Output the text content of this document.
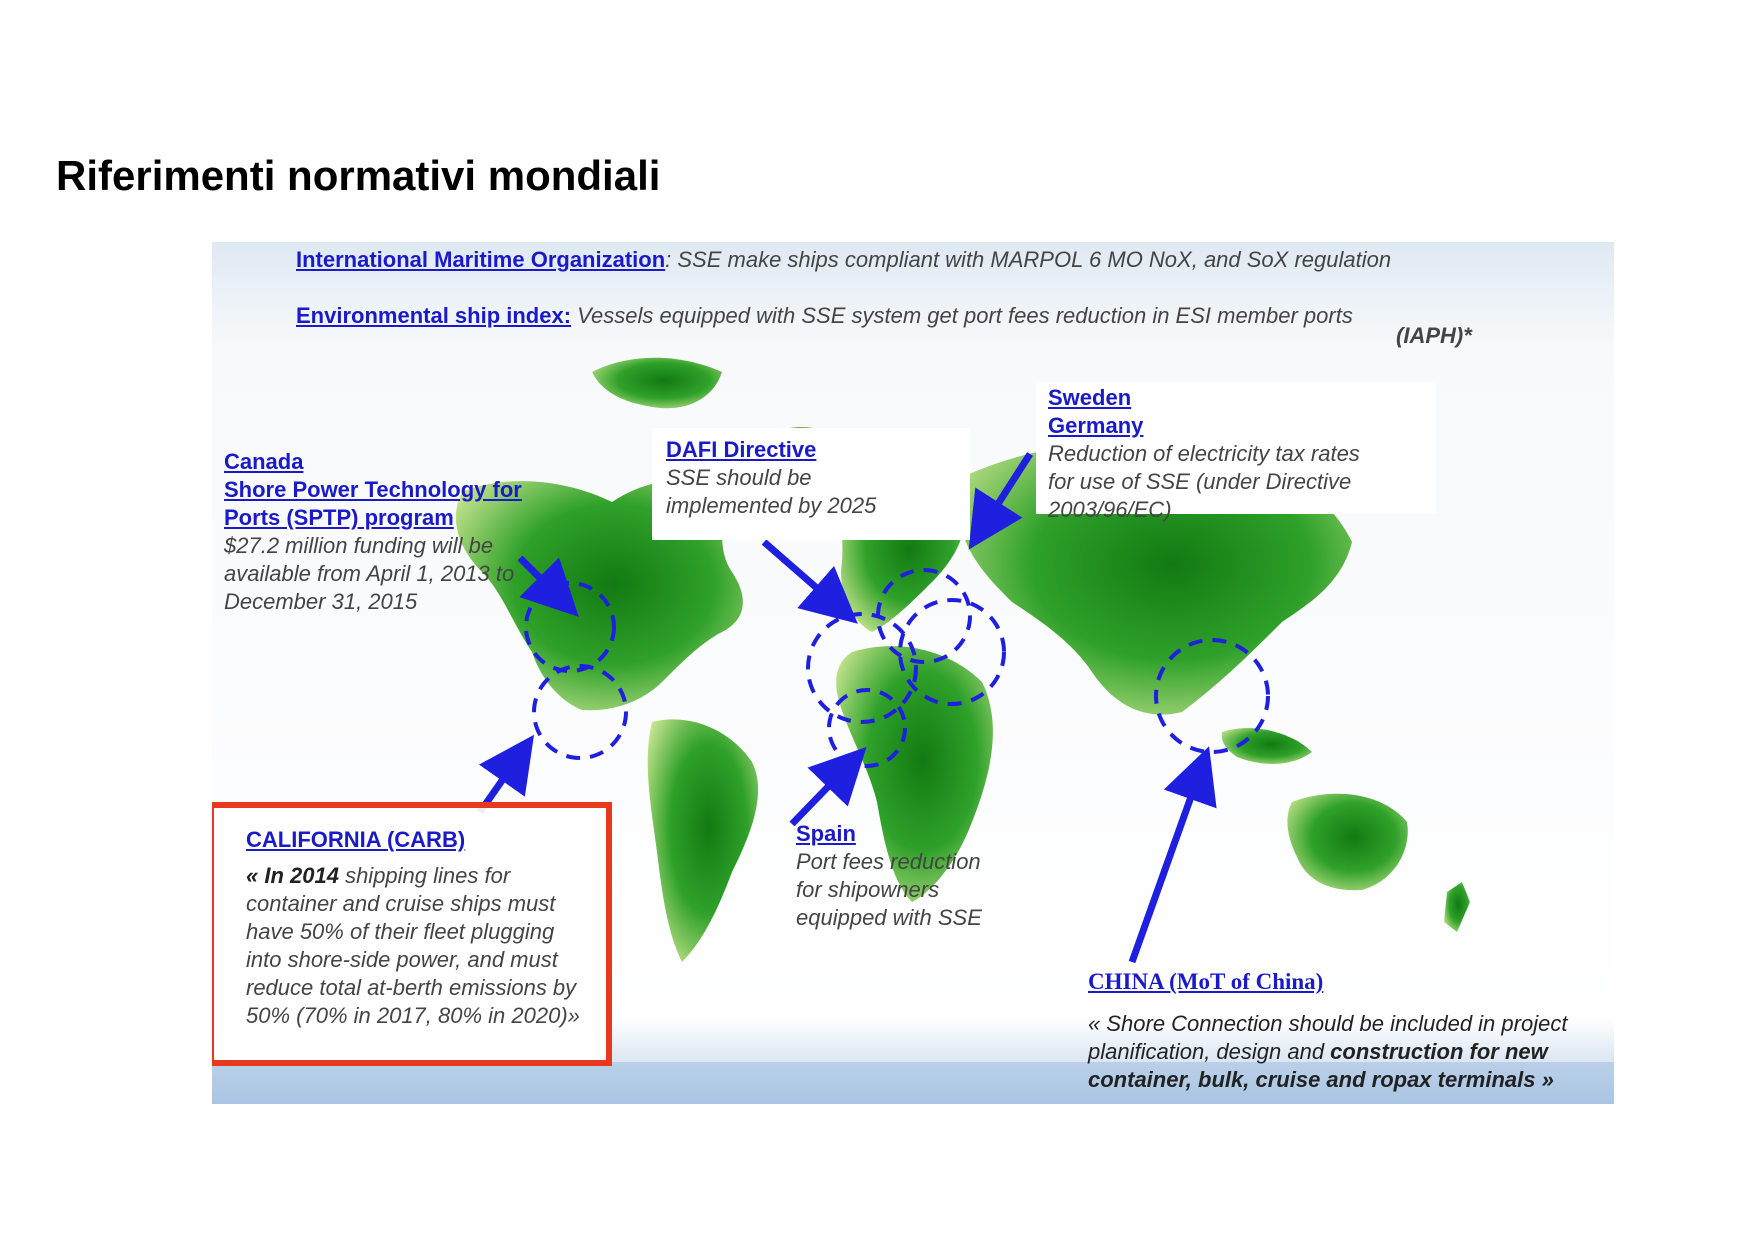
Riferimenti normativi mondiali
International Maritime Organization: SSE make ships compliant with MARPOL 6 MO NoX, and SoX regulation
Environmental ship index: Vessels equipped with SSE system get port fees reduction in ESI member ports
(IAPH)*
Canada
Shore Power Technology for
Ports (SPTP) program
$27.2 million funding will be
available from April 1, 2013 to
December 31, 2015
DAFI Directive
SSE should be
implemented by 2025
Sweden
Germany
Reduction of electricity tax rates
for use of SSE (under Directive
2003/96/EC)
CALIFORNIA (CARB)
« In 2014 shipping lines for
container and cruise ships must
have 50% of their fleet plugging
into shore-side power, and must
reduce total at-berth emissions by
50% (70% in 2017, 80% in 2020)»
Spain
Port fees reduction
for shipowners
equipped with SSE
CHINA (MoT of China)
« Shore Connection should be included in project
planification, design and construction for new
container, bulk, cruise and ropax terminals »
